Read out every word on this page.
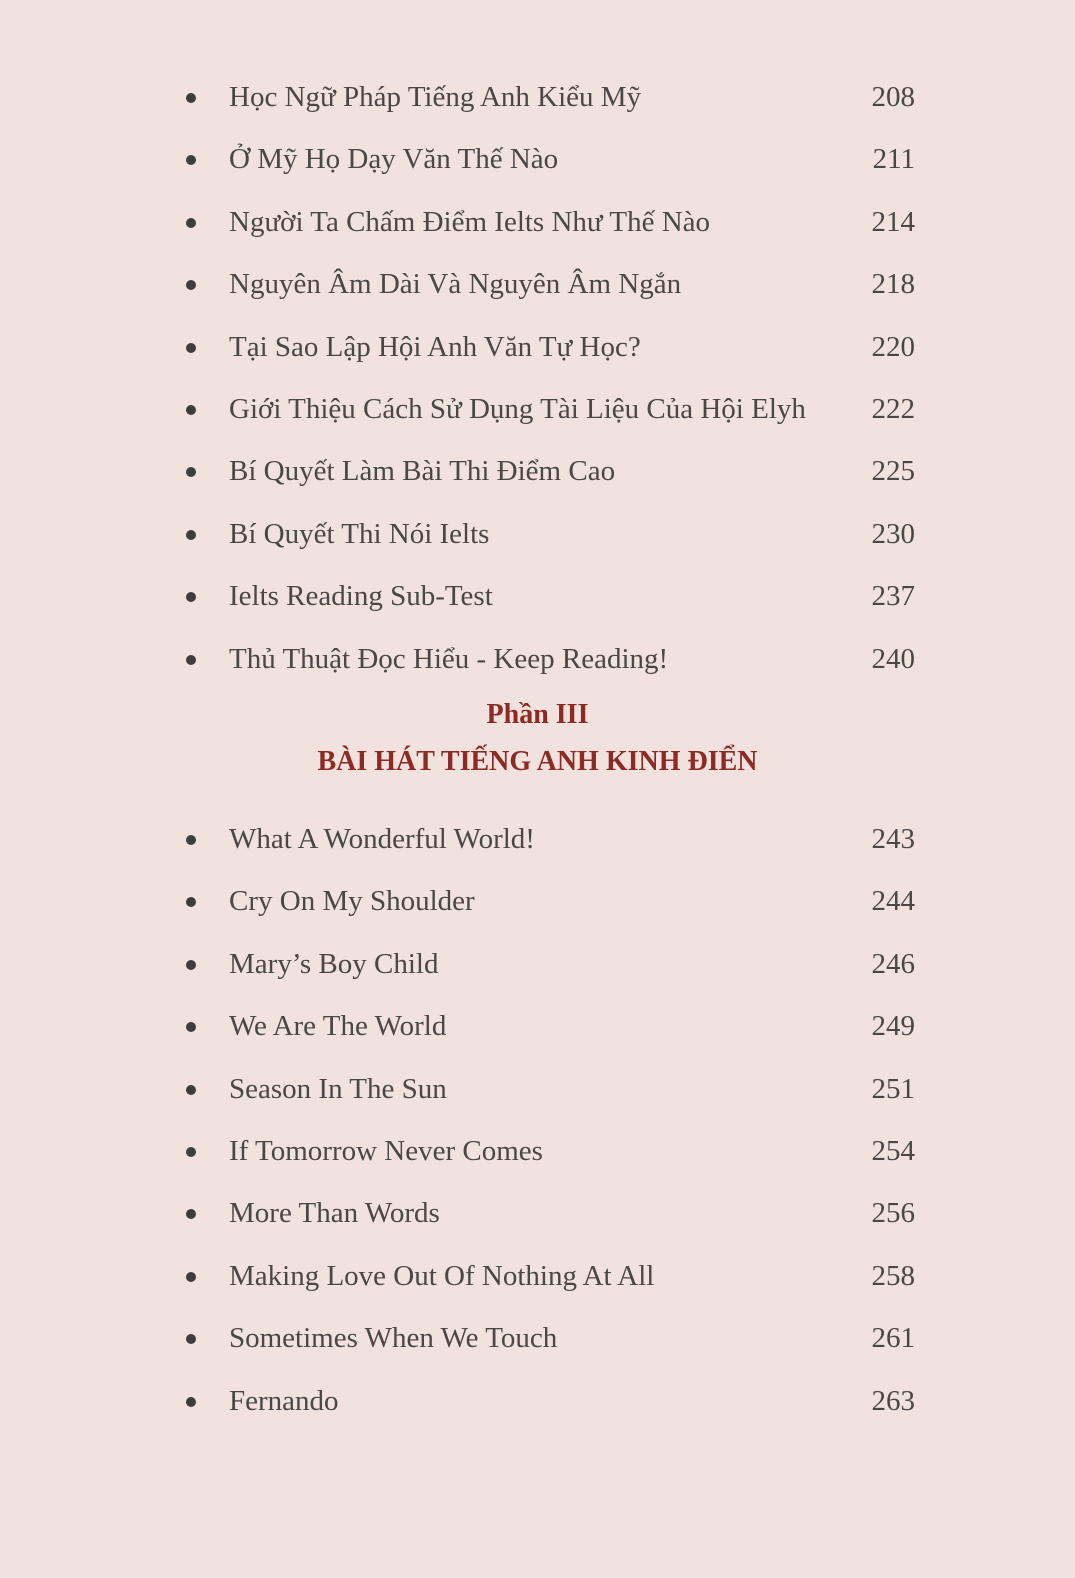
Học Ngữ Pháp Tiếng Anh Kiểu Mỹ	208
Ở Mỹ Họ Dạy Văn Thế Nào	211
Người Ta Chấm Điểm Ielts Như Thế Nào	214
Nguyên Âm Dài Và Nguyên Âm Ngắn	218
Tại Sao Lập Hội Anh Văn Tự Học?	220
Giới Thiệu Cách Sử Dụng Tài Liệu Của Hội Elyh 222
Bí Quyết Làm Bài Thi Điểm Cao	225
Bí Quyết Thi Nói Ielts	230
Ielts Reading Sub-Test	237
Thủ Thuật Đọc Hiểu - Keep Reading!	240
Phần III
BÀI HÁT TIẾNG ANH KINH ĐIỂN
What A Wonderful World!	243
Cry On My Shoulder	244
Mary’s Boy Child	246
We Are The World	249
Season In The Sun	251
If Tomorrow Never Comes	254
More Than Words	256
Making Love Out Of Nothing At All	258
Sometimes When We Touch	261
Fernando	263
